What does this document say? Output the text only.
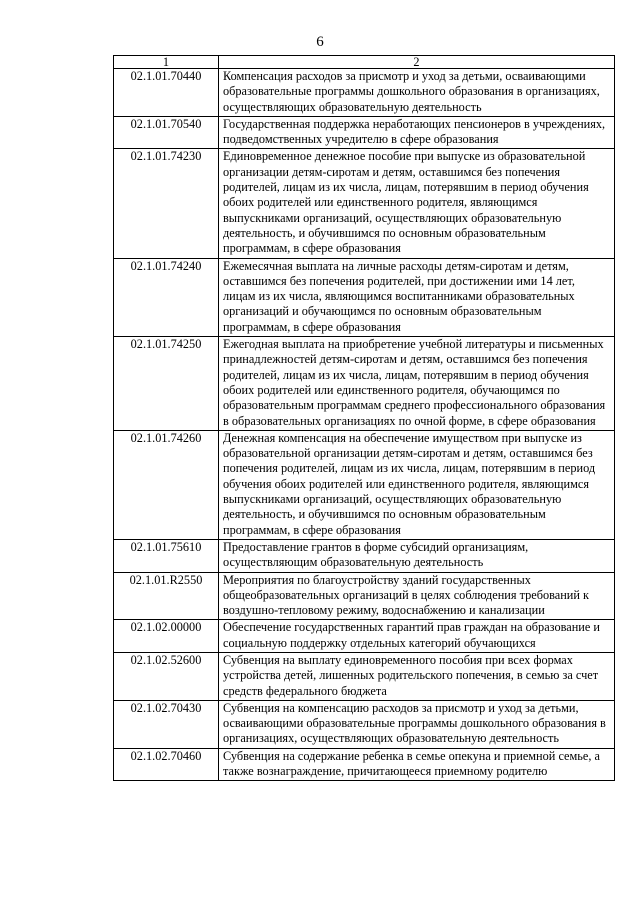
6
1	2
02.1.01.70440	Компенсация расходов за присмотр и уход за детьми, осваивающими образовательные программы дошкольного образования в организациях, осуществляющих образовательную деятельность
02.1.01.70540	Государственная поддержка неработающих пенсионеров в учреждениях, подведомственных учредителю в сфере образования
02.1.01.74230	Единовременное денежное пособие при выпуске из образовательной организации детям-сиротам и детям, оставшимся без попечения родителей, лицам из их числа, лицам, потерявшим в период обучения обоих родителей или единственного родителя, являющимся выпускниками организаций, осуществляющих образовательную деятельность, и обучившимся по основным образовательным программам, в сфере образования
02.1.01.74240	Ежемесячная выплата на личные расходы детям-сиротам и детям, оставшимся без попечения родителей, при достижении ими 14 лет, лицам из их числа, являющимся воспитанниками образовательных организаций и обучающимся по основным образовательным программам, в сфере образования
02.1.01.74250	Ежегодная выплата на приобретение учебной литературы и письменных принадлежностей детям-сиротам и детям, оставшимся без попечения родителей, лицам из их числа, лицам, потерявшим в период обучения обоих родителей или единственного родителя, обучающимся по образовательным программам среднего профессионального образования в образовательных организациях по очной форме, в сфере образования
02.1.01.74260	Денежная компенсация на обеспечение имуществом при выпуске из образовательной организации детям-сиротам и детям, оставшимся без попечения родителей, лицам из их числа, лицам, потерявшим в период обучения обоих родителей или единственного родителя, являющимся выпускниками организаций, осуществляющих образовательную деятельность, и обучившимся по основным образовательным программам, в сфере образования
02.1.01.75610	Предоставление грантов в форме субсидий организациям, осуществляющим образовательную деятельность
02.1.01.R2550	Мероприятия по благоустройству зданий государственных общеобразовательных организаций в целях соблюдения требований к воздушно-тепловому режиму, водоснабжению и канализации
02.1.02.00000	Обеспечение государственных гарантий прав граждан на образование и социальную поддержку отдельных категорий обучающихся
02.1.02.52600	Субвенция на выплату единовременного пособия при всех формах устройства детей, лишенных родительского попечения, в семью за счет средств федерального бюджета
02.1.02.70430	Субвенция на компенсацию расходов за присмотр и уход за детьми, осваивающими образовательные программы дошкольного образования в организациях, осуществляющих образовательную деятельность
02.1.02.70460	Субвенция на содержание ребенка в семье опекуна и приемной семье, а также вознаграждение, причитающееся приемному родителю
